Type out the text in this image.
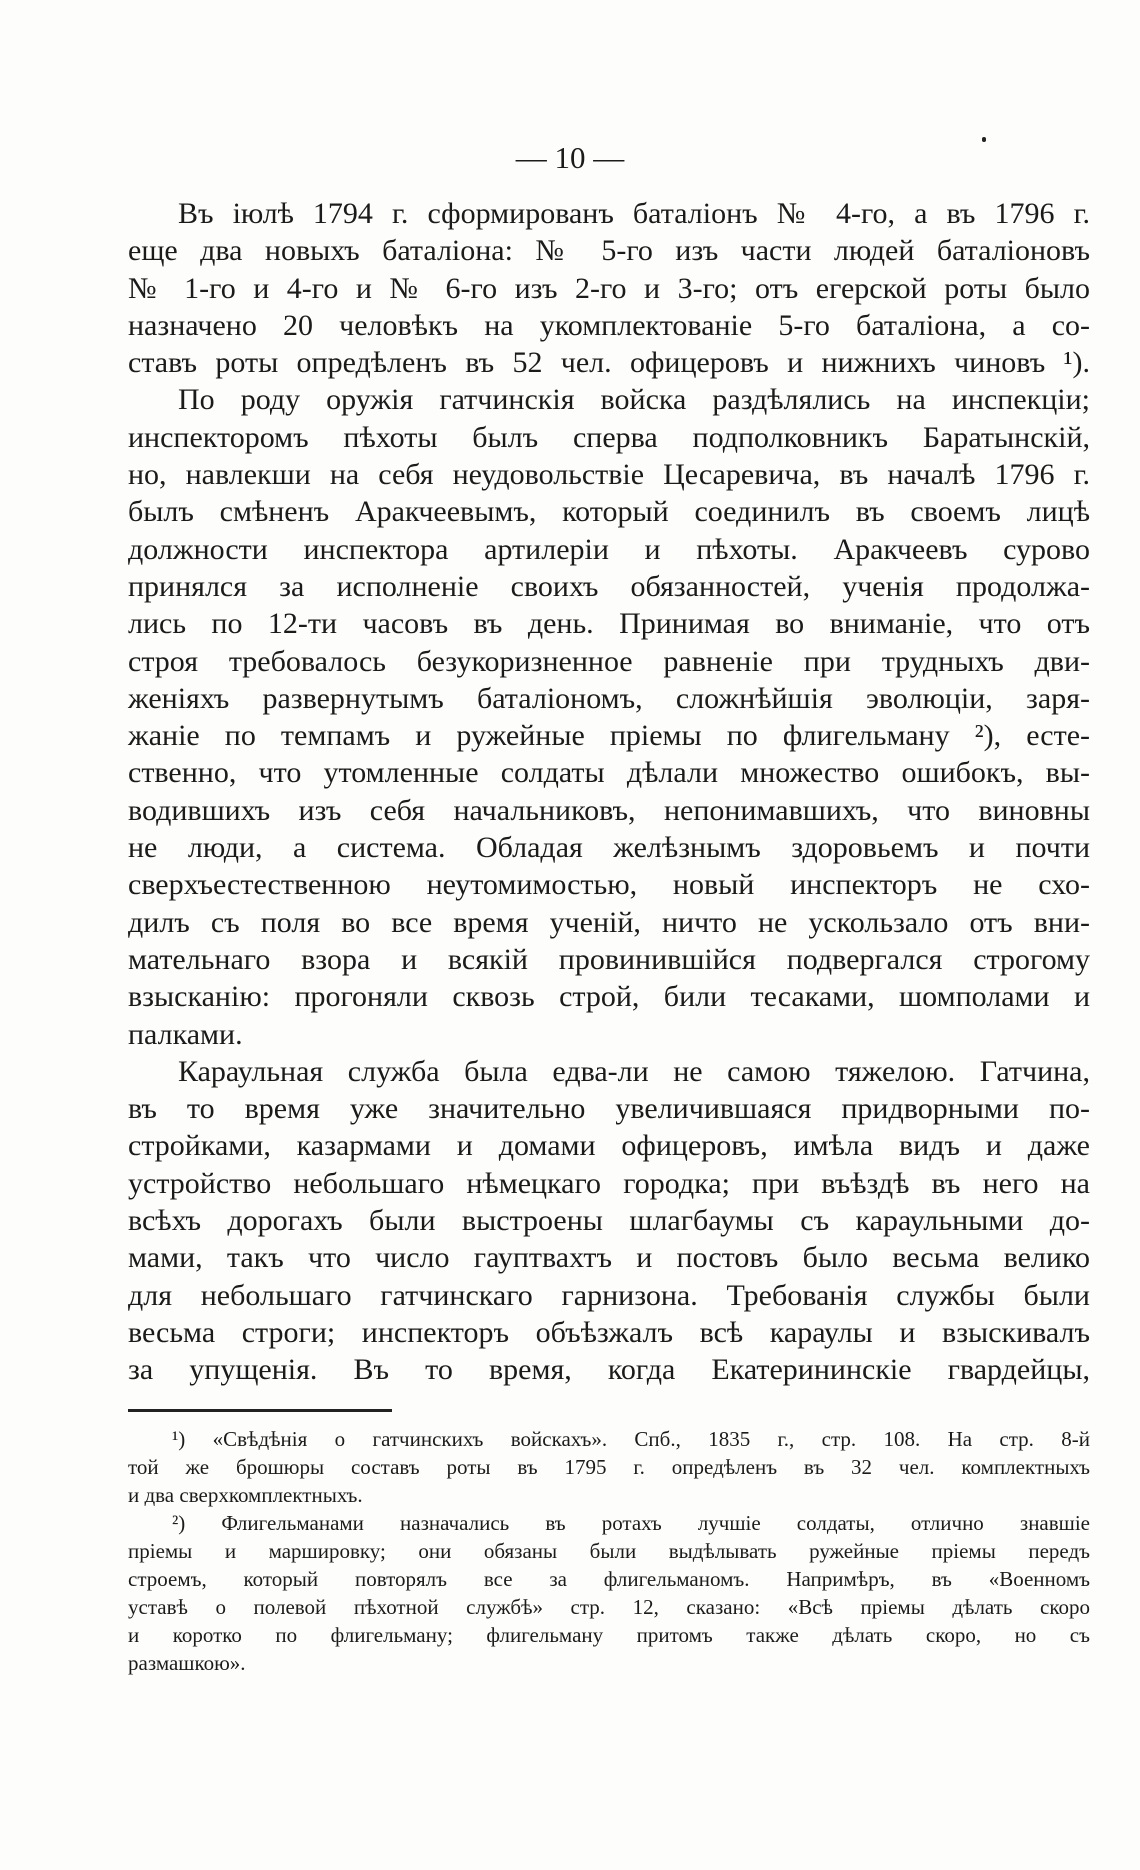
— 10 —
Въ іюлѣ 1794 г. сформированъ баталіонъ № 4-го, а въ 1796 г.
еще два новыхъ баталіона: № 5-го изъ части людей баталіоновъ
№ 1-го и 4-го и № 6-го изъ 2-го и 3-го; отъ егерской роты было
назначено 20 человѣкъ на укомплектованіе 5-го баталіона, а со-
ставъ роты опредѣленъ въ 52 чел. офицеровъ и нижнихъ чиновъ ¹).
По роду оружія гатчинскія войска раздѣлялись на инспекціи;
инспекторомъ пѣхоты былъ сперва подполковникъ Баратынскій,
но, навлекши на себя неудовольствіе Цесаревича, въ началѣ 1796 г.
былъ смѣненъ Аракчеевымъ, который соединилъ въ своемъ лицѣ
должности инспектора артилеріи и пѣхоты. Аракчеевъ сурово
принялся за исполненіе своихъ обязанностей, ученія продолжа-
лись по 12-ти часовъ въ день. Принимая во вниманіе, что отъ
строя требовалось безукоризненное равненіе при трудныхъ дви-
женіяхъ развернутымъ баталіономъ, сложнѣйшія эволюціи, заря-
жаніе по темпамъ и ружейные пріемы по флигельману ²), есте-
ственно, что утомленные солдаты дѣлали множество ошибокъ, вы-
водившихъ изъ себя начальниковъ, непонимавшихъ, что виновны
не люди, а система. Обладая желѣзнымъ здоровьемъ и почти
сверхъестественною неутомимостью, новый инспекторъ не схо-
дилъ съ поля во все время ученій, ничто не ускользало отъ вни-
мательнаго взора и всякій провинившійся подвергался строгому
взысканію: прогоняли сквозь строй, били тесаками, шомполами и
палками.
Караульная служба была едва-ли не самою тяжелою. Гатчина,
въ то время уже значительно увеличившаяся придворными по-
стройками, казармами и домами офицеровъ, имѣла видъ и даже
устройство небольшаго нѣмецкаго городка; при въѣздѣ въ него на
всѣхъ дорогахъ были выстроены шлагбаумы съ караульными до-
мами, такъ что число гауптвахтъ и постовъ было весьма велико
для небольшаго гатчинскаго гарнизона. Требованія службы были
весьма строги; инспекторъ объѣзжалъ всѣ караулы и взыскивалъ
за упущенія. Въ то время, когда Екатерининскіе гвардейцы,
¹) «Свѣдѣнія о гатчинскихъ войскахъ». Спб., 1835 г., стр. 108. На стр. 8-й
той же брошюры составъ роты въ 1795 г. опредѣленъ въ 32 чел. комплектныхъ
и два сверхкомплектныхъ.
²) Флигельманами назначались въ ротахъ лучшіе солдаты, отлично знавшіе
пріемы и маршировку; они обязаны были выдѣлывать ружейные пріемы передъ
строемъ, который повторялъ все за флигельманомъ. Напримѣръ, въ «Военномъ
уставѣ о полевой пѣхотной службѣ» стр. 12, сказано: «Всѣ пріемы дѣлать скоро
и коротко по флигельману; флигельману притомъ также дѣлать скоро, но съ
размашкою».
